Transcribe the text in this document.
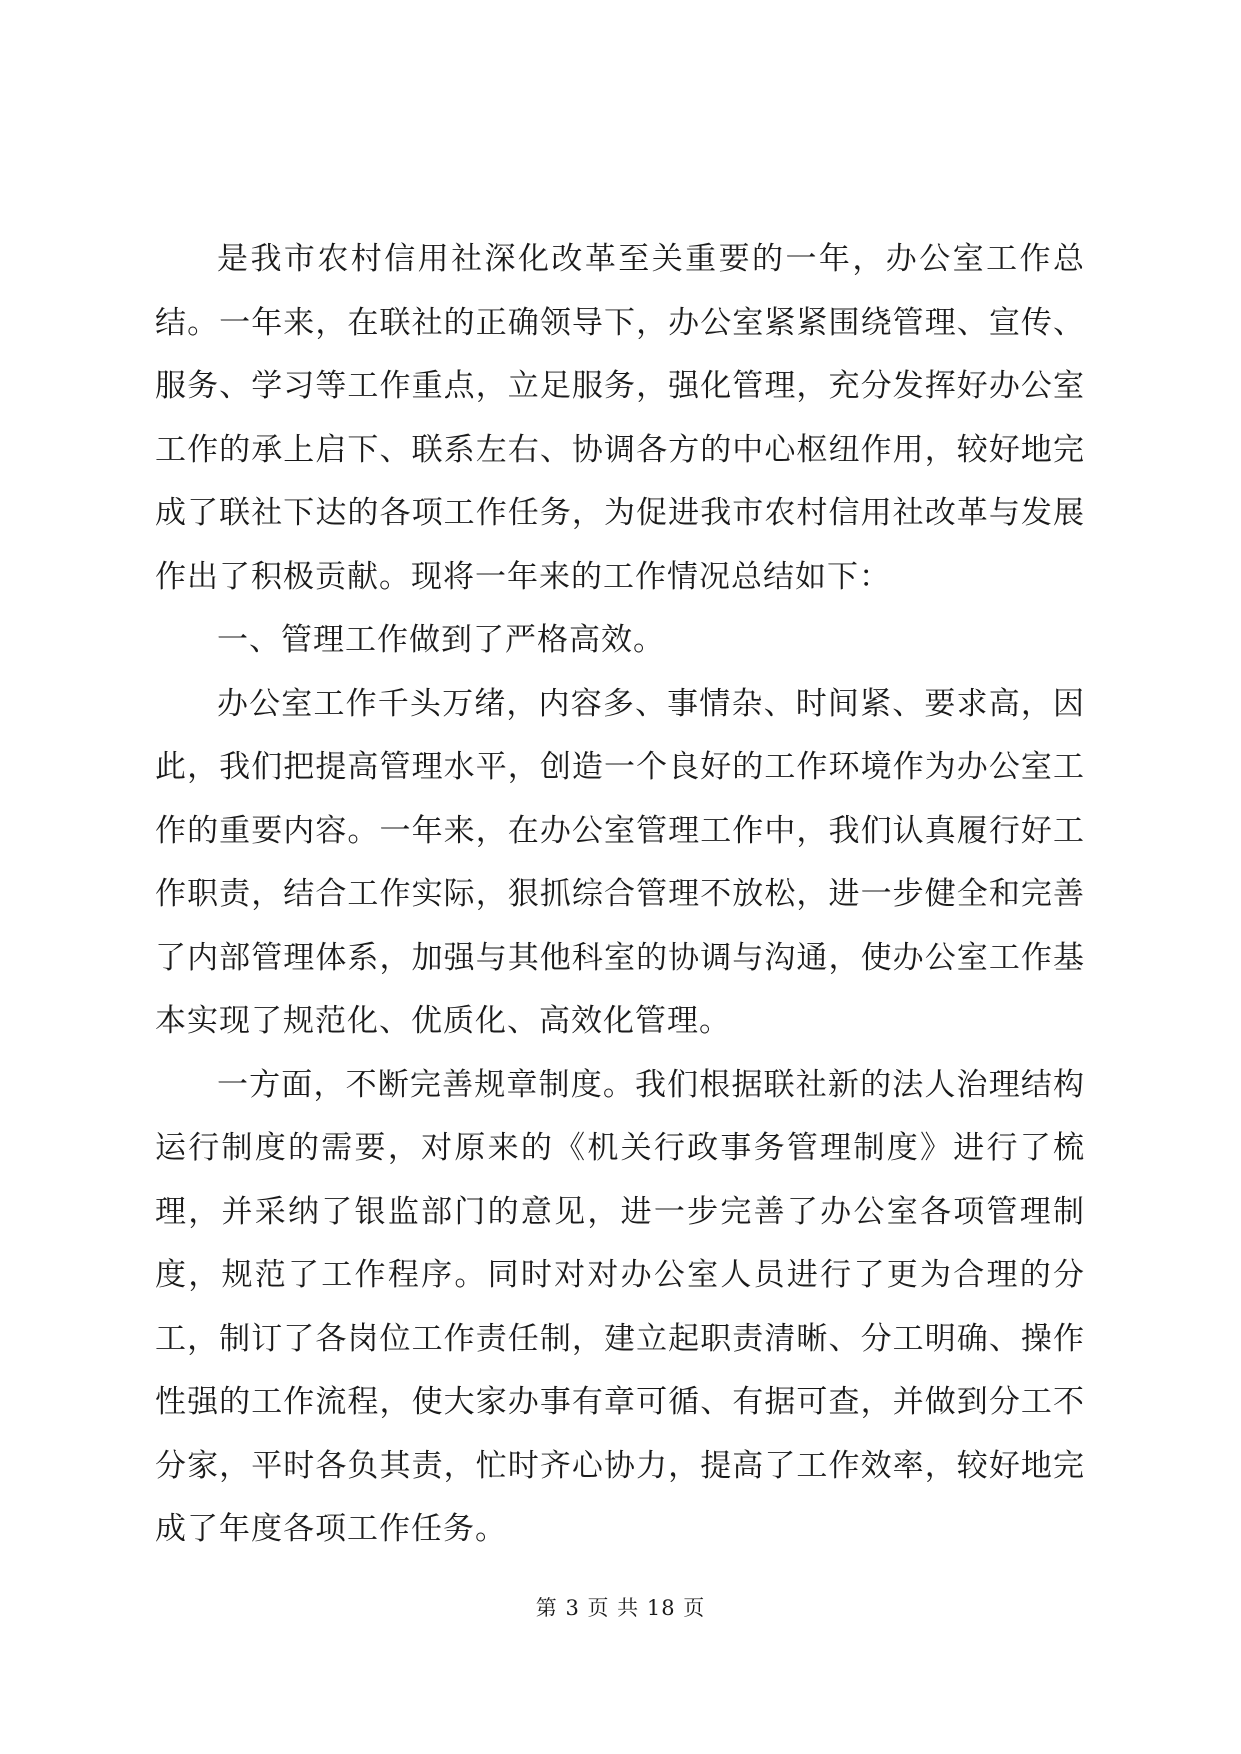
是我市农村信用社深化改革至关重要的一年，办公室工作总结。一年来，在联社的正确领导下，办公室紧紧围绕管理、宣传、服务、学习等工作重点，立足服务，强化管理，充分发挥好办公室工作的承上启下、联系左右、协调各方的中心枢纽作用，较好地完成了联社下达的各项工作任务，为促进我市农村信用社改革与发展作出了积极贡献。现将一年来的工作情况总结如下：

一、管理工作做到了严格高效。

办公室工作千头万绪，内容多、事情杂、时间紧、要求高，因此，我们把提高管理水平，创造一个良好的工作环境作为办公室工作的重要内容。一年来，在办公室管理工作中，我们认真履行好工作职责，结合工作实际，狠抓综合管理不放松，进一步健全和完善了内部管理体系，加强与其他科室的协调与沟通，使办公室工作基本实现了规范化、优质化、高效化管理。

一方面，不断完善规章制度。我们根据联社新的法人治理结构运行制度的需要，对原来的《机关行政事务管理制度》进行了梳理，并采纳了银监部门的意见，进一步完善了办公室各项管理制度，规范了工作程序。同时对对办公室人员进行了更为合理的分工，制订了各岗位工作责任制，建立起职责清晰、分工明确、操作性强的工作流程，使大家办事有章可循、有据可查，并做到分工不分家，平时各负其责，忙时齐心协力，提高了工作效率，较好地完成了年度各项工作任务。

第 3 页 共 18 页
